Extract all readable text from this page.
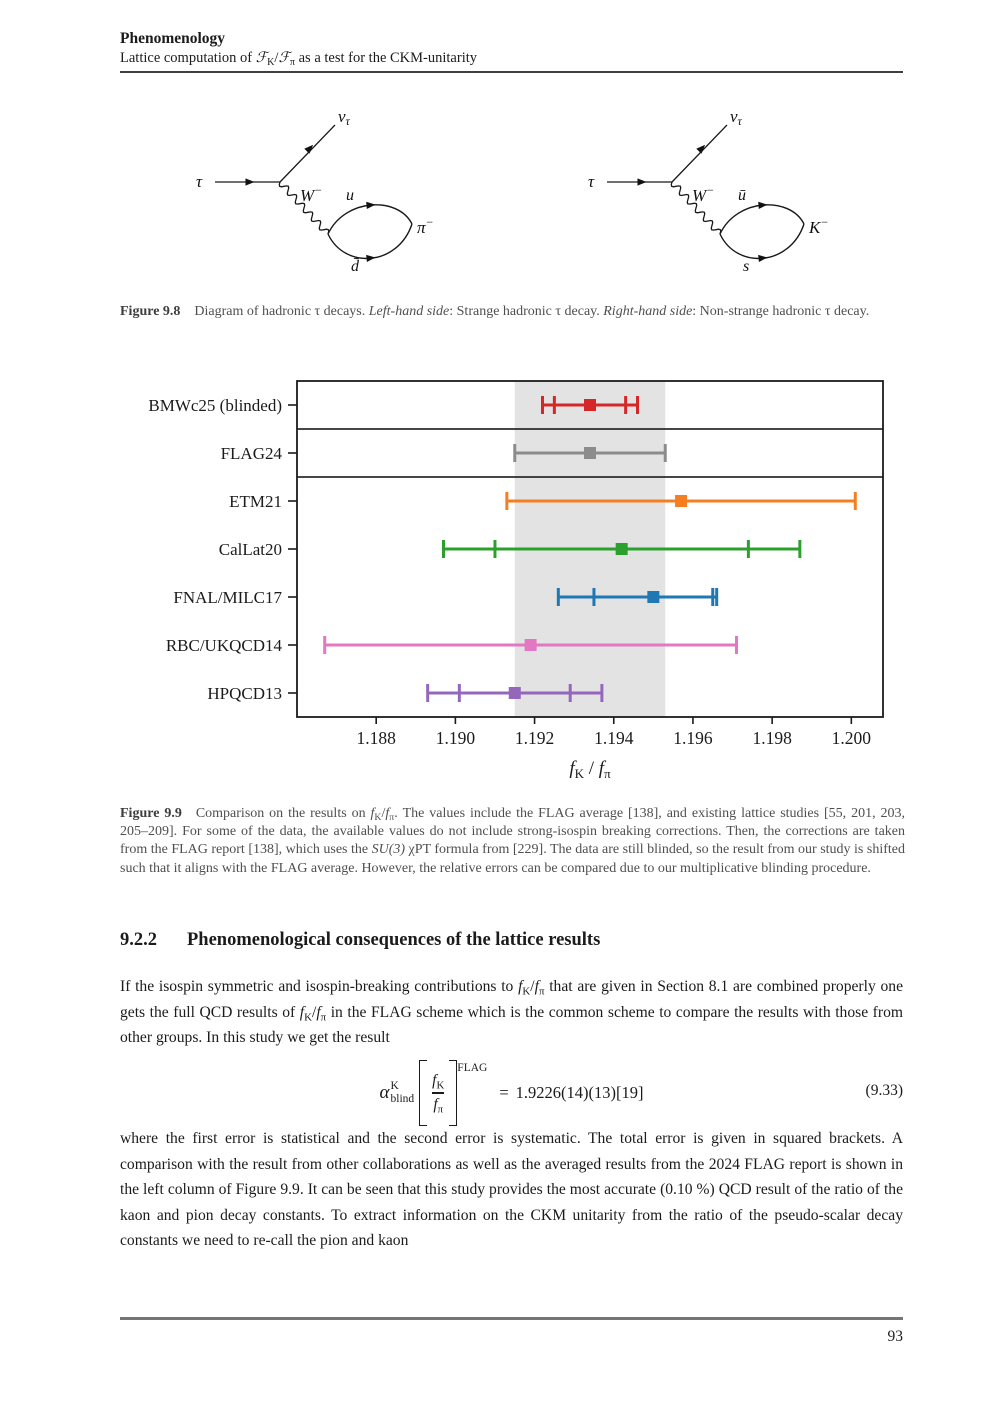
Phenomenology
Lattice computation of ℱ$_K$/ℱ$_\pi$ as a test for the CKM-unitarity
τ
ντ
W− u
d̄
π−
τ
ντ
W− ū
s
K−
Figure 9.8 Diagram of hadronic τ decays. Left-hand side: Strange hadronic τ decay. Right-hand side: Non-strange hadronic τ decay.
BMWc25 (blinded)
FLAG24
ETM21
CalLat20
FNAL/MILC17
RBC/UKQCD14
HPQCD13
1.188 1.190 1.192 1.194 1.196 1.198 1.200
$f_K / f_\pi$
Figure 9.9 Comparison on the results on $f_K/f_\pi$. The values include the FLAG average [138], and existing lattice studies [55, 201, 203, 205–209]. For some of the data, the available values do not include strong-isospin breaking corrections. Then, the corrections are taken from the FLAG report [138], which uses the SU(3) χPT formula from [229]. The data are still blinded, so the result from our study is shifted such that it aligns with the FLAG average. However, the relative errors can be compared due to our multiplicative blinding procedure.
9.2.2 Phenomenological consequences of the lattice results
If the isospin symmetric and isospin-breaking contributions to $f_K/f_\pi$ that are given in Section 8.1 are combined properly one gets the full QCD results of $f_K/f_\pi$ in the FLAG scheme which is the common scheme to compare the results with those from other groups. In this study we get the result
α K
blind $\frac{f_K}{f_\pi}$
FLAG
= 1.9226(14)(13)[19]	(9.33)
where the first error is statistical and the second error is systematic. The total error is given in squared brackets. A comparison with the result from other collaborations as well as the averaged results from the 2024 FLAG report is shown in the left column of Figure 9.9. It can be seen that this study provides the most accurate (0.10 %) QCD result of the ratio of the kaon and pion decay constants. To extract information on the CKM unitarity from the ratio of the pseudo-scalar decay constants we need to re-call the pion and kaon
93
